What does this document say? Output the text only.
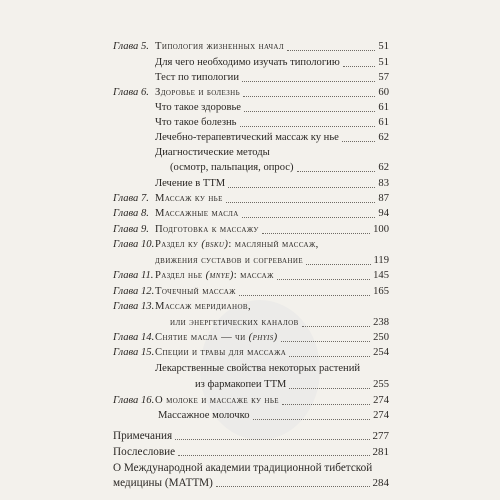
Глава 5. Типология жизненных начал	51
Для чего необходимо изучать типологию	51
Тест по типологии	57
Глава 6. Здоровье и болезнь	60
Что такое здоровье	61
Что такое болезнь	61
Лечебно-терапевтический массаж ку нье	62
Диагностические методы
(осмотр, пальпация, опрос)	62
Лечение в ТТМ	83
Глава 7. Массаж ку нье	87
Глава 8. Массажные масла	94
Глава 9. Подготовка к массажу	100
Глава 10. Раздел ку (bsku): масляный массаж,
движения суставов и согревание	119
Глава 11. Раздел нье (mnye): массаж	145
Глава 12. Точечный массаж	165
Глава 13. Массаж меридианов,
или энергетических каналов	238
Глава 14. Снятие масла — чи (phyis)	250
Глава 15. Специи и травы для массажа	254
Лекарственные свойства некоторых растений
из фармакопеи ТТМ	255
Глава 16. О молоке и массаже ку нье	274
Массажное молочко	274
Примечания	277
Послесловие	281
О Международной академии традиционной тибетской
медицины (МАТТМ)	284
